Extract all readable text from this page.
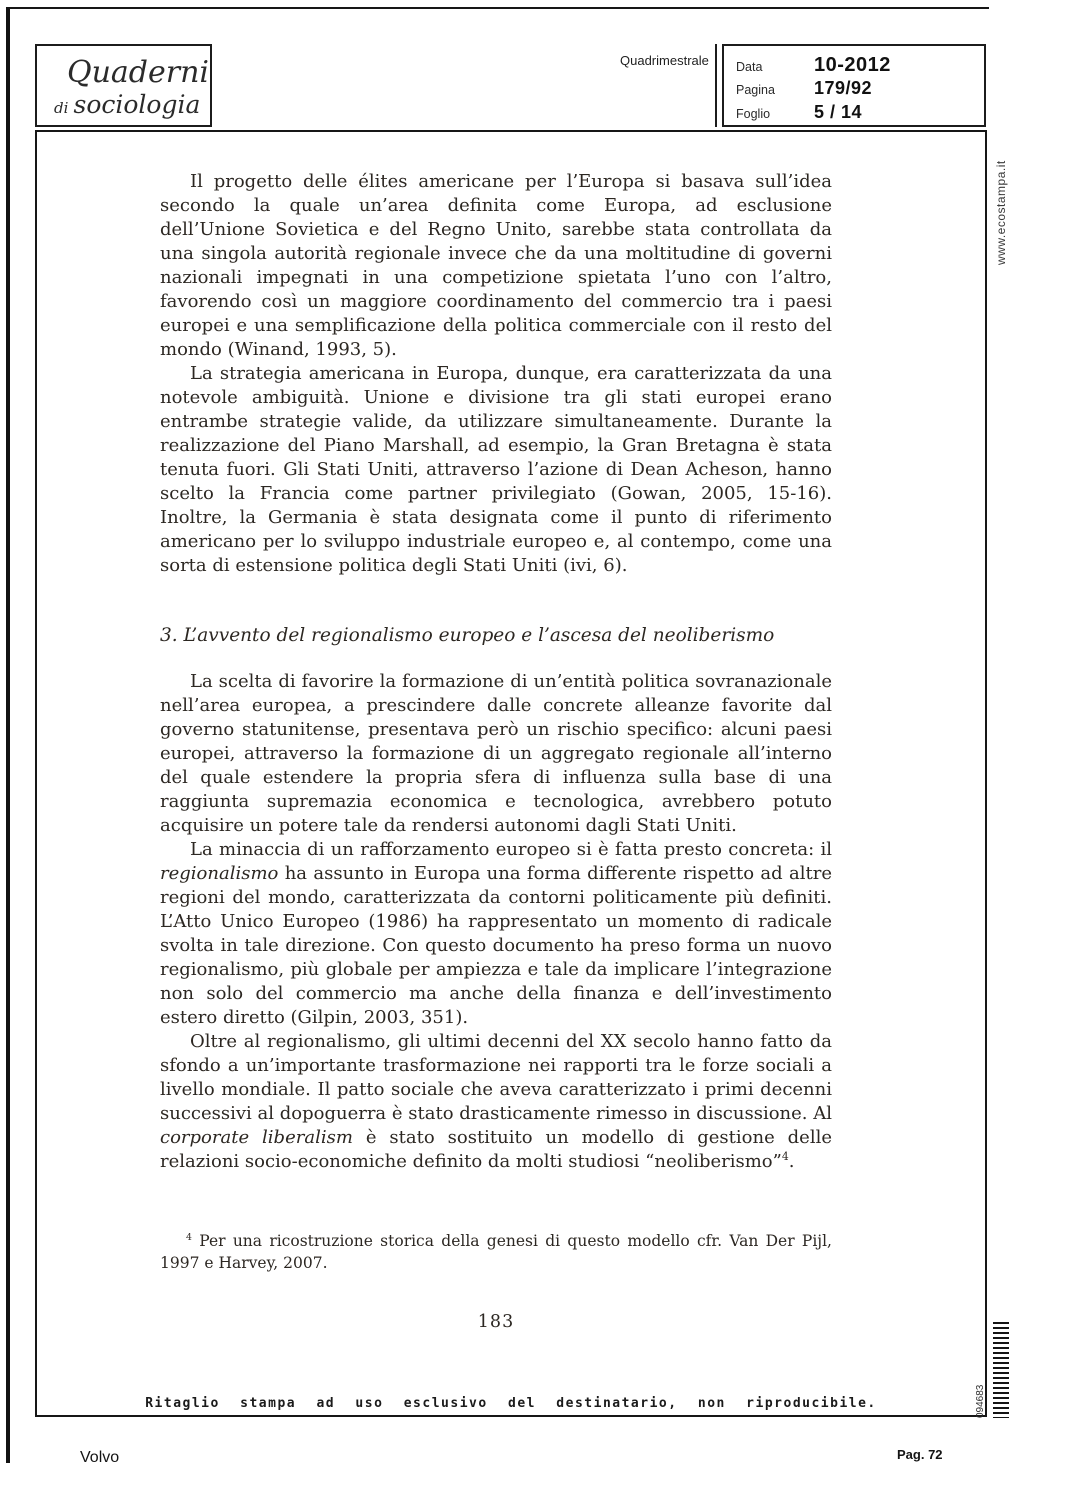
Quaderni
di sociologia
Quadrimestrale Data	10-2012
Pagina	179/92
Foglio	5 / 14
www.ecostampa.it

Il progetto delle élites americane per l’Europa si basava sull’idea secondo la quale un’area definita come Europa, ad esclusione dell’Unione Sovietica e del Regno Unito, sarebbe stata controllata da una singola autorità regionale invece che da una moltitudine di governi nazionali impegnati in una competizione spietata l’uno con l’altro, favorendo così un maggiore coordinamento del commercio tra i paesi europei e una semplificazione della politica commerciale con il resto del mondo (Winand, 1993, 5).

La strategia americana in Europa, dunque, era caratterizzata da una notevole ambiguità. Unione e divisione tra gli stati europei erano entrambe strategie valide, da utilizzare simultaneamente. Durante la realizzazione del Piano Marshall, ad esempio, la Gran Bretagna è stata tenuta fuori. Gli Stati Uniti, attraverso l’azione di Dean Acheson, hanno scelto la Francia come partner privilegiato (Gowan, 2005, 15-16). Inoltre, la Germania è stata designata come il punto di riferimento americano per lo sviluppo industriale europeo e, al contempo, come una sorta di estensione politica degli Stati Uniti (ivi, 6).

3. L’avvento del regionalismo europeo e l’ascesa del neoliberismo

La scelta di favorire la formazione di un’entità politica sovranazionale nell’area europea, a prescindere dalle concrete alleanze favorite dal governo statunitense, presentava però un rischio specifico: alcuni paesi europei, attraverso la formazione di un aggregato regionale all’interno del quale estendere la propria sfera di influenza sulla base di una raggiunta supremazia economica e tecnologica, avrebbero potuto acquisire un potere tale da rendersi autonomi dagli Stati Uniti.

La minaccia di un rafforzamento europeo si è fatta presto concreta: il regionalismo ha assunto in Europa una forma differente rispetto ad altre regioni del mondo, caratterizzata da contorni politicamente più definiti. L’Atto Unico Europeo (1986) ha rappresentato un momento di radicale svolta in tale direzione. Con questo documento ha preso forma un nuovo regionalismo, più globale per ampiezza e tale da implicare l’integrazione non solo del commercio ma anche della finanza e dell’investimento estero diretto (Gilpin, 2003, 351).

Oltre al regionalismo, gli ultimi decenni del XX secolo hanno fatto da sfondo a un’importante trasformazione nei rapporti tra le forze sociali a livello mondiale. Il patto sociale che aveva caratterizzato i primi decenni successivi al dopoguerra è stato drasticamente rimesso in discussione. Al corporate liberalism è stato sostituito un modello di gestione delle relazioni socio-economiche definito da molti studiosi “neoliberismo”$^4$.

$^4$ Per una ricostruzione storica della genesi di questo modello cfr. Van Der Pijl, 1997 e Harvey, 2007.

183
Ritaglio stampa ad uso esclusivo del destinatario, non riproducibile.	094683
Volvo	Pag. 72
